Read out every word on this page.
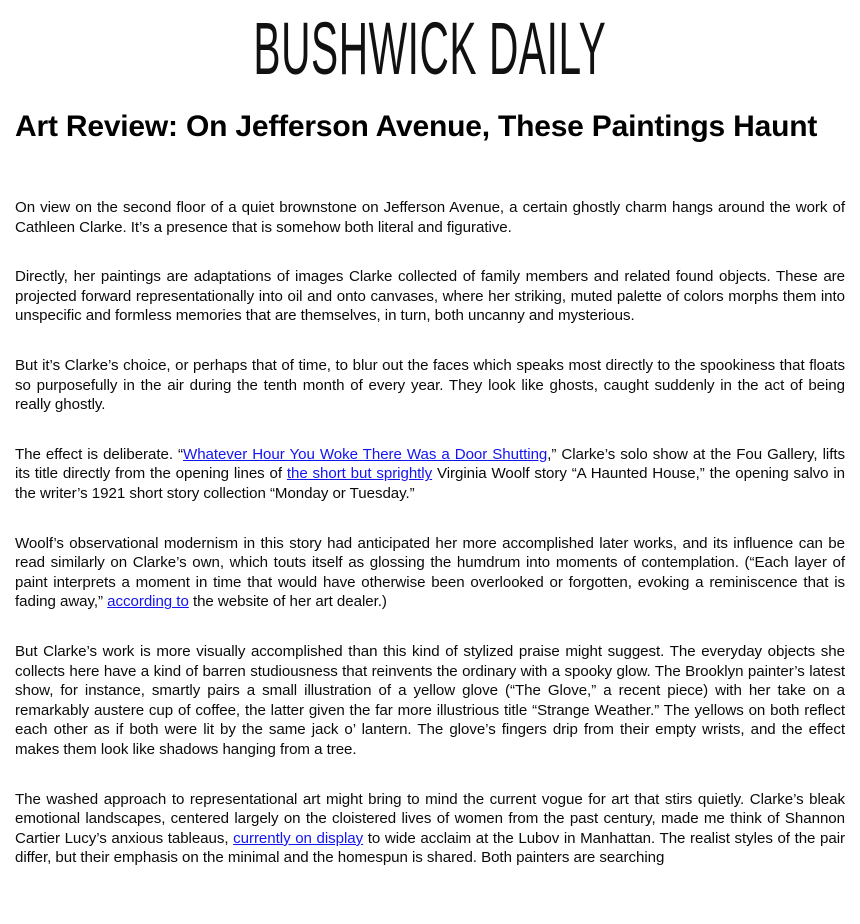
BUSHWICK DAILY
Art Review: On Jefferson Avenue, These Paintings Haunt

On view on the second floor of a quiet brownstone on Jefferson Avenue, a certain ghostly charm hangs around the work of Cathleen Clarke. It’s a presence that is somehow both literal and figurative.

Directly, her paintings are adaptations of images Clarke collected of family members and related found objects. These are projected forward representationally into oil and onto canvases, where her striking, muted palette of colors morphs them into unspecific and formless memories that are themselves, in turn, both uncanny and mysterious.

But it’s Clarke’s choice, or perhaps that of time, to blur out the faces which speaks most directly to the spookiness that floats so purposefully in the air during the tenth month of every year. They look like ghosts, caught suddenly in the act of being really ghostly.

The effect is deliberate. “Whatever Hour You Woke There Was a Door Shutting,” Clarke’s solo show at the Fou Gallery, lifts its title directly from the opening lines of the short but sprightly Virginia Woolf story “A Haunted House,” the opening salvo in the writer’s 1921 short story collection “Monday or Tuesday.”

Woolf’s observational modernism in this story had anticipated her more accomplished later works, and its influence can be read similarly on Clarke’s own, which touts itself as glossing the humdrum into moments of contemplation. (“Each layer of paint interprets a moment in time that would have otherwise been overlooked or forgotten, evoking a reminiscence that is fading away,” according to the website of her art dealer.)

But Clarke’s work is more visually accomplished than this kind of stylized praise might suggest. The everyday objects she collects here have a kind of barren studiousness that reinvents the ordinary with a spooky glow. The Brooklyn painter’s latest show, for instance, smartly pairs a small illustration of a yellow glove (“The Glove,” a recent piece) with her take on a remarkably austere cup of coffee, the latter given the far more illustrious title “Strange Weather.” The yellows on both reflect each other as if both were lit by the same jack o’ lantern. The glove’s fingers drip from their empty wrists, and the effect makes them look like shadows hanging from a tree.

The washed approach to representational art might bring to mind the current vogue for art that stirs quietly. Clarke’s bleak emotional landscapes, centered largely on the cloistered lives of women from the past century, made me think of Shannon Cartier Lucy’s anxious tableaus, currently on display to wide acclaim at the Lubov in Manhattan. The realist styles of the pair differ, but their emphasis on the minimal and the homespun is shared. Both painters are searching
